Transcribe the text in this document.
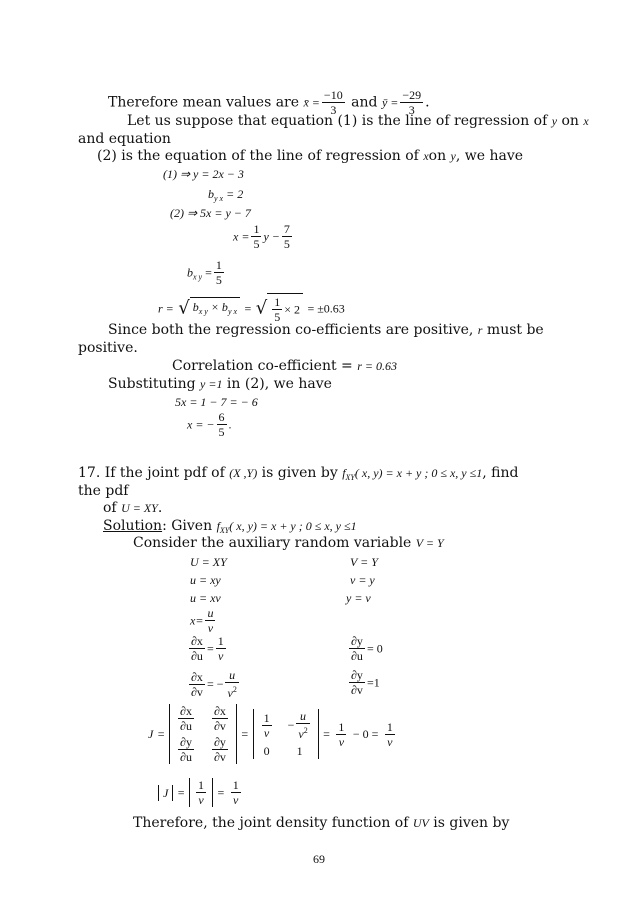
Therefore mean values are x̄ = $\frac{-10}{3}$ and ȳ = $\frac{-29}{3}$ .
Let us suppose that equation (1) is the line of regression of y on x
and equation
(2) is the equation of the line of regression of xon y, we have
(1) ⇒ y = 2x − 3
$b_{y x} = 2$
(2) ⇒ 5x = y − 7
$x = \frac{1}{5}$ $y - \frac{7}{5}$
$b_{x y} = \frac{1}{5}$
r = √ $b_{x y} \times b_{y x}$ = √ $\frac{1}{5} \times 2 = \pm 0.63$
Since both the regression co-efficients are positive, r must be
positive.
Correlation co-efficient = r = 0.63
Substituting y =1 in (2), we have
5x = 1 − 7 = − 6
x = − $\frac{6}{5}$ .
17. If the joint pdf of (X ,Y) is given by $f_{XY}$( x, y) = x + y ; 0 ≤ x, y ≤1, find
the pdf
of U = XY.
Solution: Given $f_{XY}$( x, y) = x + y ; 0 ≤ x, y ≤1
Consider the auxiliary random variable V = Y
U = XY	V = Y
u = xy	v = y
u = xv	y = v
$x= \frac{u}{v}$
$\frac{\partial x}{\partial u} = \frac{1}{v}$	$\frac{\partial y}{\partial u} = 0$
$\frac{\partial x}{\partial v}$ = − $\frac{u}{v^2}$	$\frac{\partial y}{\partial v} =1$
J =
$\frac{\partial x}{\partial u} \frac{\partial x}{\partial v}$
$\frac{\partial y}{\partial u} \frac{\partial y}{\partial v}$
= $\frac{1}{v} - \frac{u}{v^2}$
0 1
= $\frac{1}{v} - 0 = \frac{1}{v}$
$J = \frac{1}{v} = \frac{1}{v}$
Therefore, the joint density function of UV is given by
69
